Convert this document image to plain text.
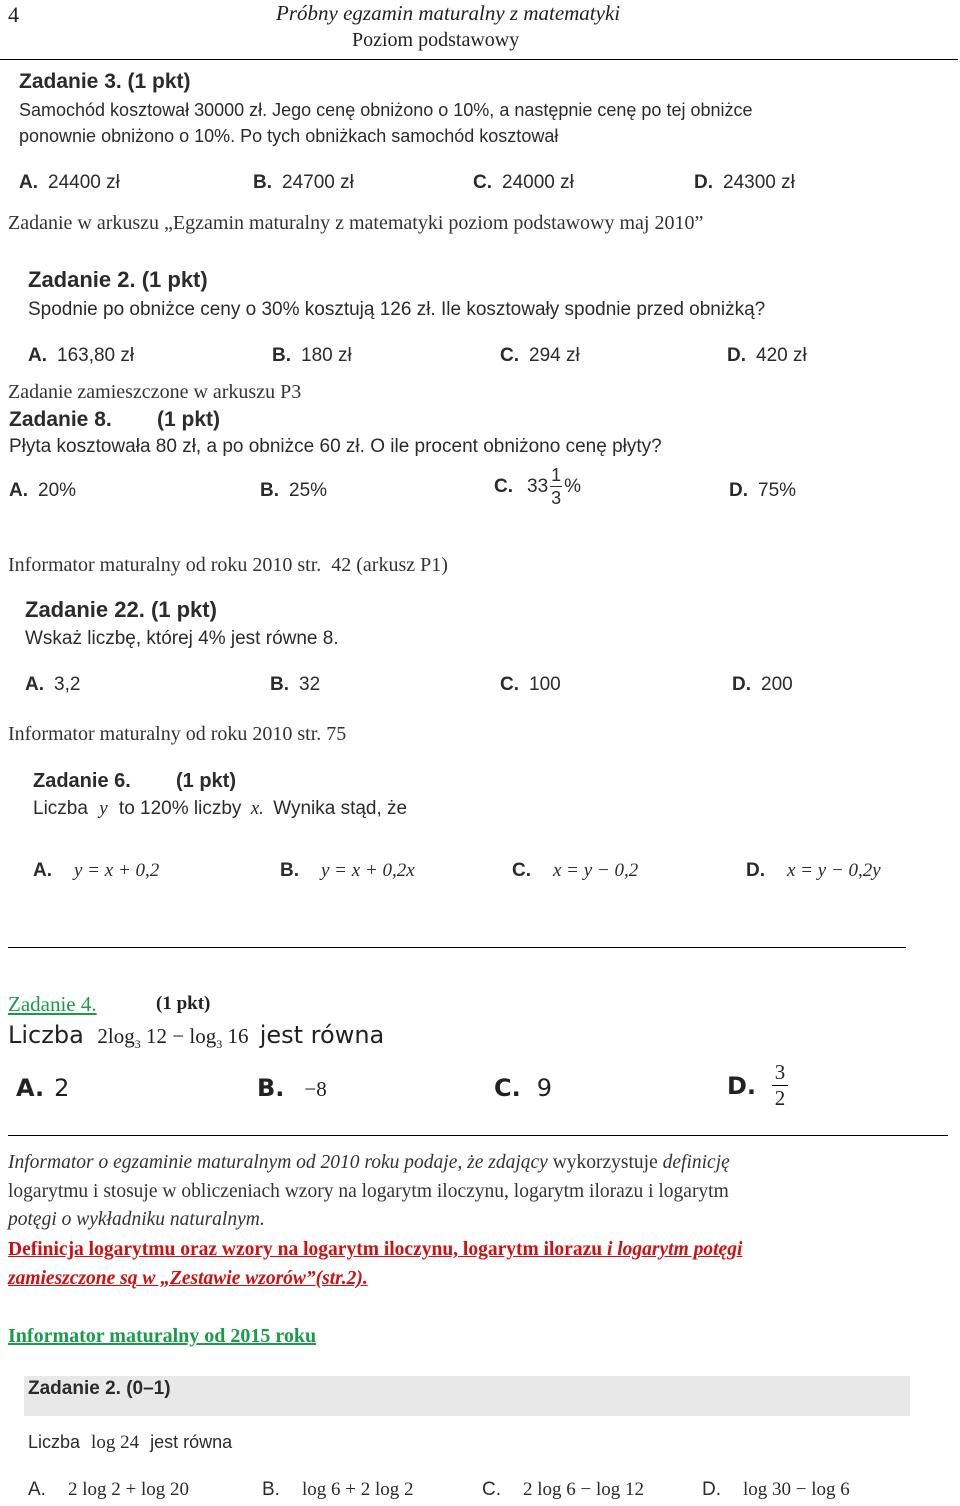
4	Próbny egzamin maturalny z matematyki
Poziom podstawowy
Zadanie 3. (1 pkt)
Samochód kosztował 30000 zł. Jego cenę obniżono o 10%, a następnie cenę po tej obniżce
ponownie obniżono o 10%. Po tych obniżkach samochód kosztował
A. 24400 zł	B. 24700 zł	C. 24000 zł	D. 24300 zł
Zadanie w arkuszu „Egzamin maturalny z matematyki poziom podstawowy maj 2010”
Zadanie 2. (1 pkt)
Spodnie po obniżce ceny o 30% kosztują 126 zł. Ile kosztowały spodnie przed obniżką?
A. 163,80 zł	B. 180 zł	C. 294 zł	D. 420 zł
Zadanie zamieszczone w arkuszu P3
Zadanie 8. (1 pkt)
Płyta kosztowała 80 zł, a po obniżce 60 zł. O ile procent obniżono cenę płyty?
A. 20%	B. 25%	C. $33 \frac{1}{3}$ %	D. 75%
Informator maturalny od roku 2010 str.  42 (arkusz P1)
Zadanie 22. (1 pkt)
Wskaż liczbę, której 4% jest równe 8.
A. 3,2	B. 32	C. 100	D. 200
Informator maturalny od roku 2010 str. 75
Zadanie 6. (1 pkt)
Liczba y to 120% liczby x. Wynika stąd, że
A. y = x + 0,2	B. y = x + 0,2x	C. x = y − 0,2	D. x = y − 0,2y
Zadanie 4.	(1 pkt)
Liczba $2\log_3$ $12 - \log_3 16$ jest równa
A. 2	B. −8	C. 9	D. $\frac{3}{2}$
Informator o egzaminie maturalnym od 2010 roku podaje, że zdający wykorzystuje definicję
logarytmu i stosuje w obliczeniach wzory na logarytm iloczynu, logarytm ilorazu i logarytm
potęgi o wykładniku naturalnym.
Definicja logarytmu oraz wzory na logarytm iloczynu, logarytm ilorazu i logarytm potęgi
zamieszczone są w „Zestawie wzorów”(str.2).
Informator maturalny od 2015 roku
Zadanie 2. (0–1)
Liczba log 24 jest równa
A. 2 log 2 + log 20	B. log 6 + 2 log 2	C. 2 log 6 − log 12	D. log 30 − log 6
